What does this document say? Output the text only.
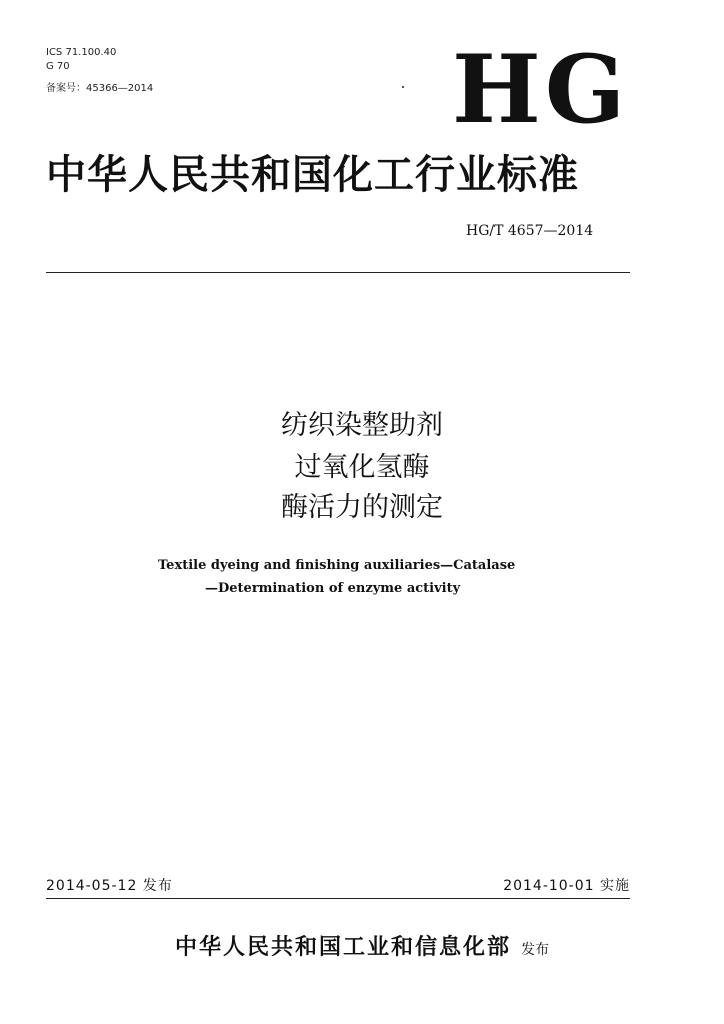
ICS 71.100.40
G 70
备案号：45366—2014	HG
中华人民共和国化工行业标准
HG/T 4657—2014
纺织染整助剂
过氧化氢酶
酶活力的测定
Textile dyeing and finishing auxiliaries—Catalase
—Determination of enzyme activity
2014-05-12 发布	2014-10-01 实施
中华人民共和国工业和信息化部 发布
